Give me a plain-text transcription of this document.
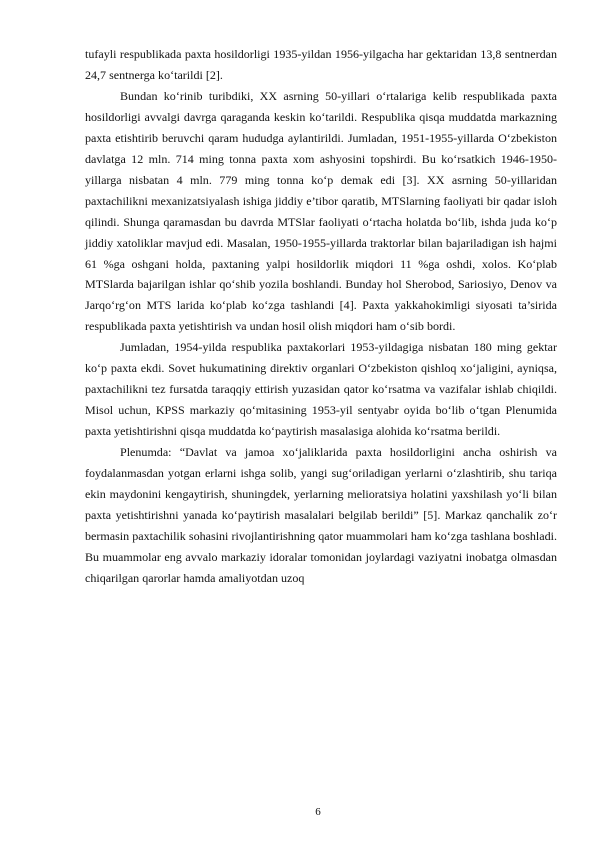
tufayli respublikada paxta hosildorligi 1935-yildan 1956-yilgacha har gektaridan 13,8 sentnerdan 24,7 sentnerga ko‘tarildi [2].

Bundan ko‘rinib turibdiki, XX asrning 50-yillari o‘rtalariga kelib respublikada paxta hosildorligi avvalgi davrga qaraganda keskin ko‘tarildi. Respublika qisqa muddatda markazning paxta etishtirib beruvchi qaram hududga aylantirildi. Jumladan, 1951-1955-yillarda O‘zbekiston davlatga 12 mln. 714 ming tonna paxta xom ashyosini topshirdi. Bu ko‘rsatkich 1946-1950-yillarga nisbatan 4 mln. 779 ming tonna ko‘p demak edi [3]. XX asrning 50-yillaridan paxtachilikni mexanizatsiyalash ishiga jiddiy e’tibor qaratib, MTSlarning faoliyati bir qadar isloh qilindi. Shunga qaramasdan bu davrda MTSlar faoliyati o‘rtacha holatda bo‘lib, ishda juda ko‘p jiddiy xatoliklar mavjud edi. Masalan, 1950-1955-yillarda traktorlar bilan bajariladigan ish hajmi 61 %ga oshgani holda, paxtaning yalpi hosildorlik miqdori 11 %ga oshdi, xolos. Ko‘plab MTSlarda bajarilgan ishlar qo‘shib yozila boshlandi. Bunday hol Sherobod, Sariosiyo, Denov va Jarqo‘rg‘on MTS larida ko‘plab ko‘zga tashlandi [4]. Paxta yakkahokimligi siyosati ta’sirida respublikada paxta yetishtirish va undan hosil olish miqdori ham o‘sib bordi.

Jumladan, 1954-yilda respublika paxtakorlari 1953-yildagiga nisbatan 180 ming gektar ko‘p paxta ekdi. Sovet hukumatining direktiv organlari O‘zbekiston qishloq xo‘jaligini, ayniqsa, paxtachilikni tez fursatda taraqqiy ettirish yuzasidan qator ko‘rsatma va vazifalar ishlab chiqildi. Misol uchun, KPSS markaziy qo‘mitasining 1953-yil sentyabr oyida bo‘lib o‘tgan Plenumida paxta yetishtirishni qisqa muddatda ko‘paytirish masalasiga alohida ko‘rsatma berildi.

Plenumda: “Davlat va jamoa xo‘jaliklarida paxta hosildorligini ancha oshirish va foydalanmasdan yotgan erlarni ishga solib, yangi sug‘oriladigan yerlarni o‘zlashtirib, shu tariqa ekin maydonini kengaytirish, shuningdek, yerlarning melioratsiya holatini yaxshilash yo‘li bilan paxta yetishtirishni yanada ko‘paytirish masalalari belgilab berildi” [5]. Markaz qanchalik zo‘r bermasin paxtachilik sohasini rivojlantirishning qator muammolari ham ko‘zga tashlana boshladi. Bu muammolar eng avvalo markaziy idoralar tomonidan joylardagi vaziyatni inobatga olmasdan chiqarilgan qarorlar hamda amaliyotdan uzoq

6
